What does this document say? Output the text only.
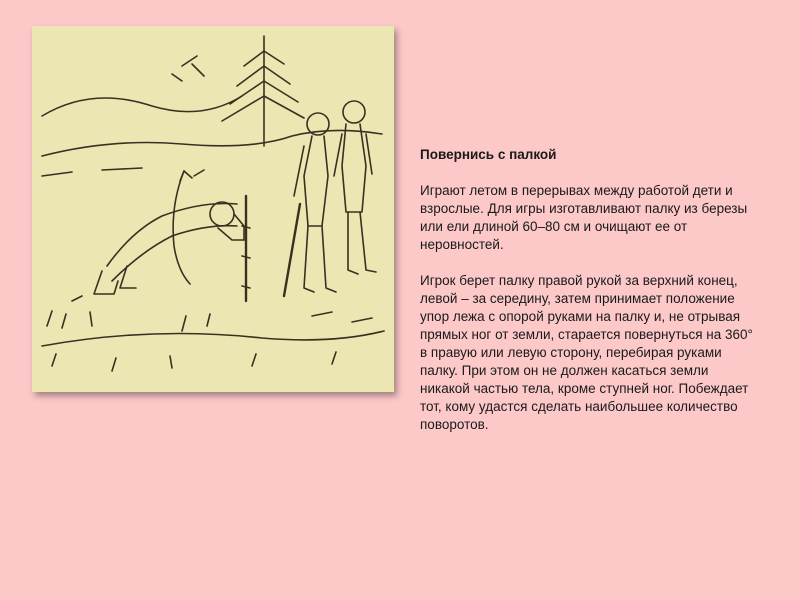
Повернись с палкой

Играют летом в перерывах между работой дети и взрослые. Для игры изготавливают палку из березы или ели длиной 60–80 см и очищают ее от неровностей.

Игрок берет палку правой рукой за верхний конец, левой – за середину, затем принимает положение упор лежа с опорой руками на палку и, не отрывая прямых ног от земли, старается повернуться на 360° в правую или левую сторону, перебирая руками палку. При этом он не должен касаться земли никакой частью тела, кроме ступней ног. Побеждает тот, кому удастся сделать наибольшее количество поворотов.
